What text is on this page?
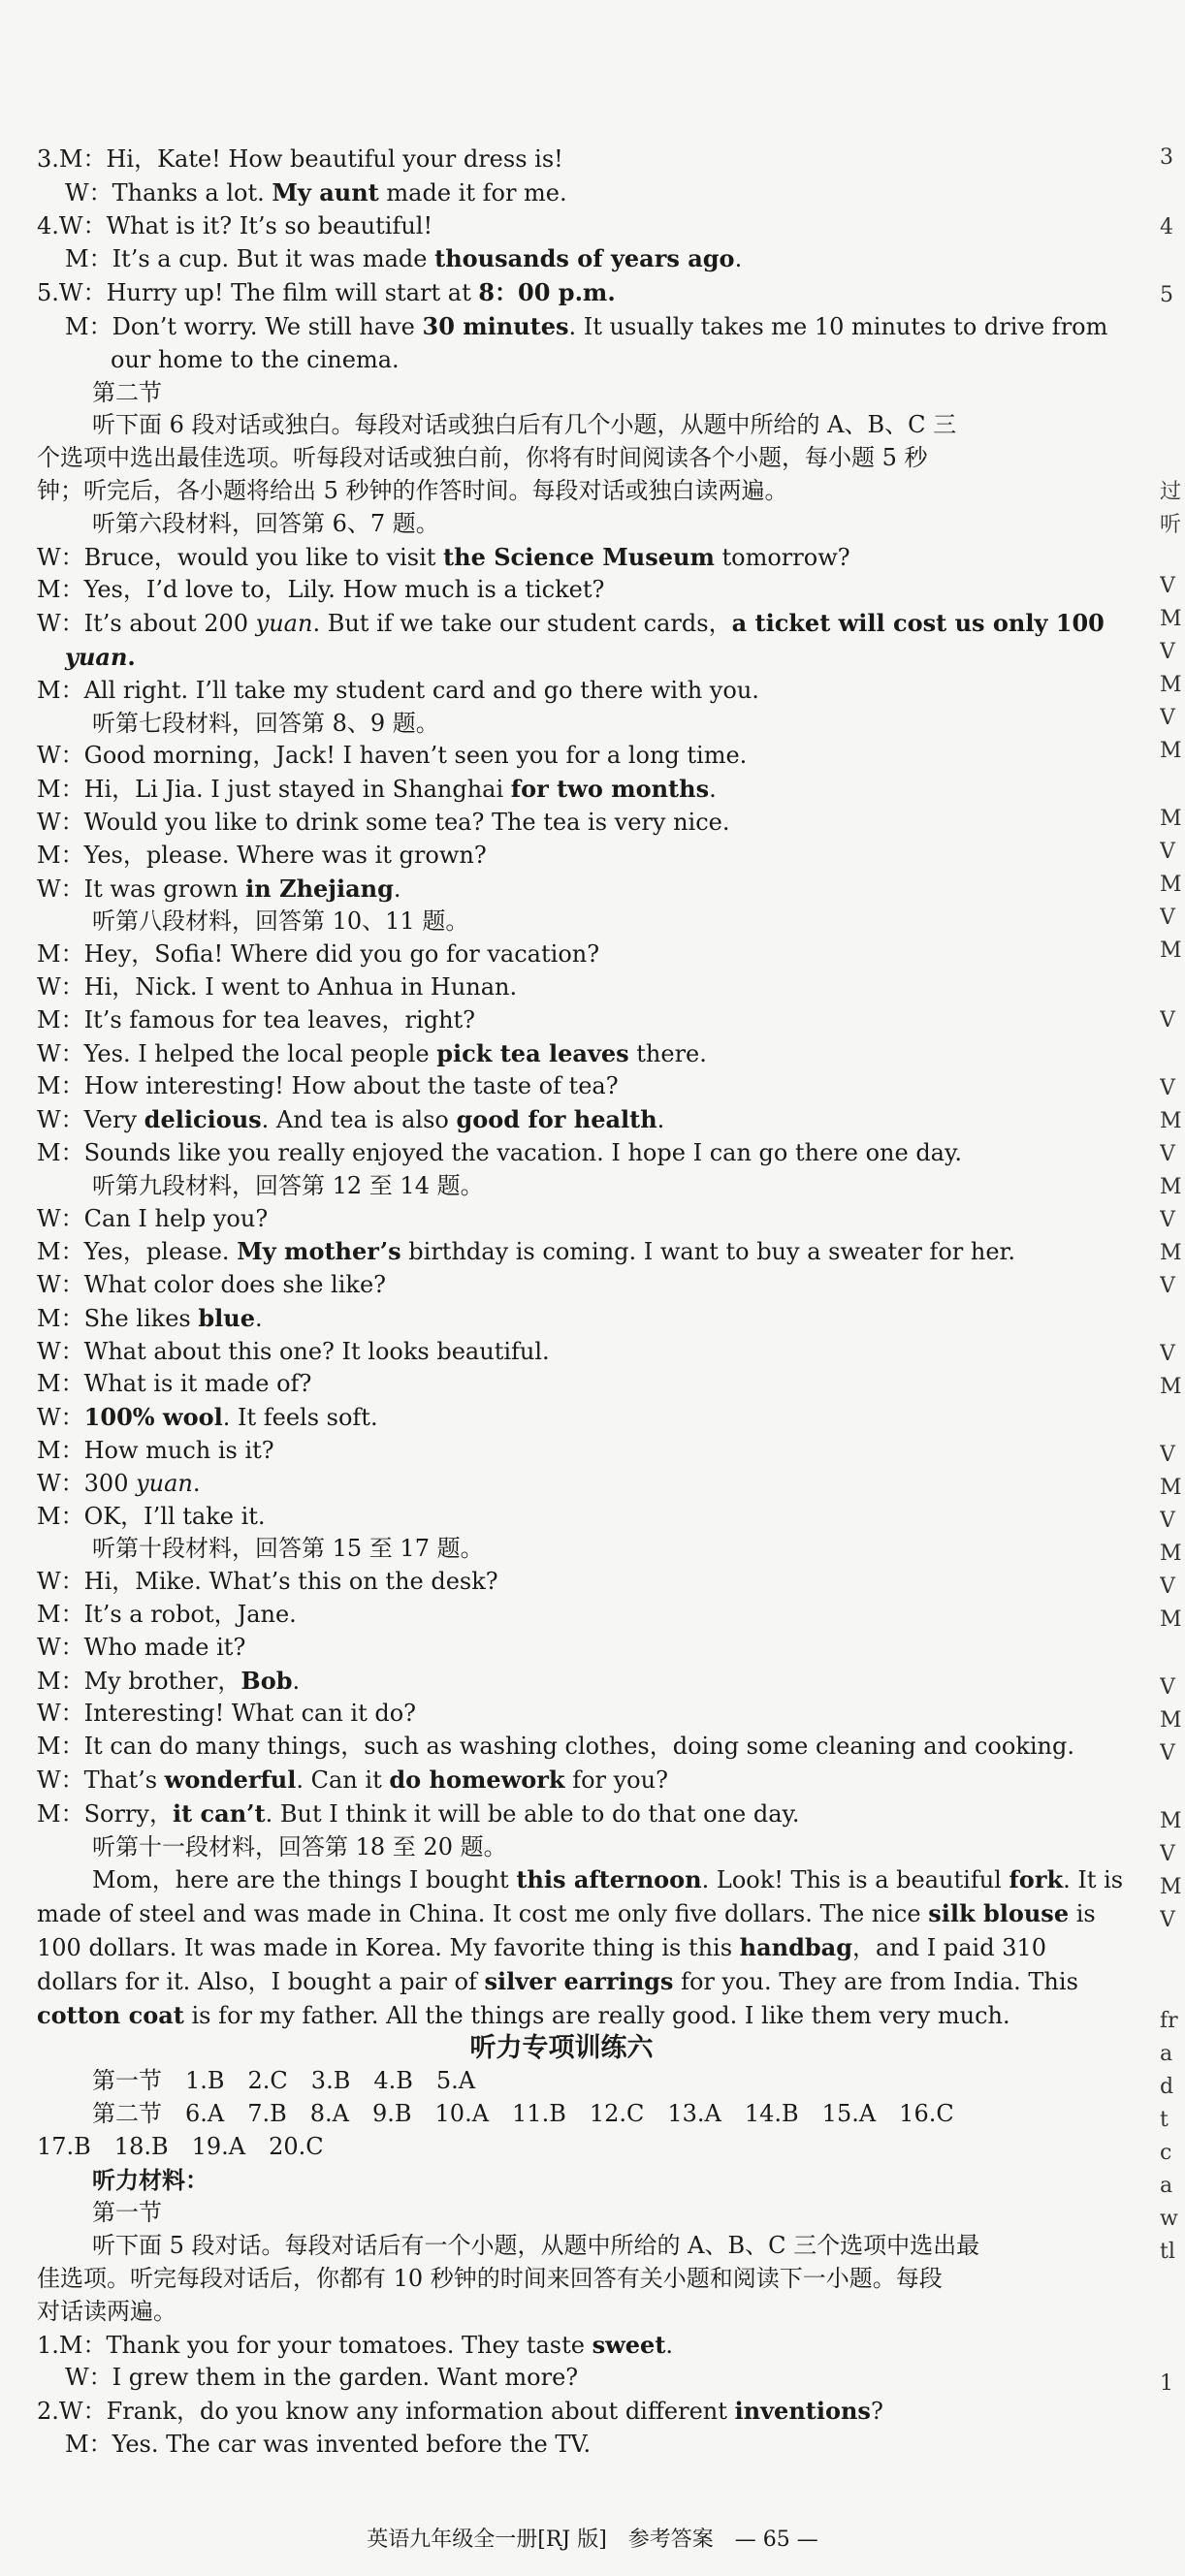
3.M：Hi，Kate! How beautiful your dress is!
W：Thanks a lot. My aunt made it for me.
4.W：What is it? It’s so beautiful!
M：It’s a cup. But it was made thousands of years ago.
5.W：Hurry up! The film will start at 8：00 p.m.
M：Don’t worry. We still have 30 minutes. It usually takes me 10 minutes to drive from
our home to the cinema.
第二节
听下面 6 段对话或独白。每段对话或独白后有几个小题，从题中所给的 A、B、C 三
个选项中选出最佳选项。听每段对话或独白前，你将有时间阅读各个小题，每小题 5 秒
钟；听完后，各小题将给出 5 秒钟的作答时间。每段对话或独白读两遍。
听第六段材料，回答第 6、7 题。
W：Bruce，would you like to visit the Science Museum tomorrow?
M：Yes，I’d love to，Lily. How much is a ticket?
W：It’s about 200 yuan. But if we take our student cards，a ticket will cost us only 100
yuan.
M：All right. I’ll take my student card and go there with you.
听第七段材料，回答第 8、9 题。
W：Good morning，Jack! I haven’t seen you for a long time.
M：Hi，Li Jia. I just stayed in Shanghai for two months.
W：Would you like to drink some tea? The tea is very nice.
M：Yes，please. Where was it grown?
W：It was grown in Zhejiang.
听第八段材料，回答第 10、11 题。
M：Hey，Sofia! Where did you go for vacation?
W：Hi，Nick. I went to Anhua in Hunan.
M：It’s famous for tea leaves，right?
W：Yes. I helped the local people pick tea leaves there.
M：How interesting! How about the taste of tea?
W：Very delicious. And tea is also good for health.
M：Sounds like you really enjoyed the vacation. I hope I can go there one day.
听第九段材料，回答第 12 至 14 题。
W：Can I help you?
M：Yes，please. My mother’s birthday is coming. I want to buy a sweater for her.
W：What color does she like?
M：She likes blue.
W：What about this one? It looks beautiful.
M：What is it made of?
W：100% wool. It feels soft.
M：How much is it?
W：300 yuan.
M：OK，I’ll take it.
听第十段材料，回答第 15 至 17 题。
W：Hi，Mike. What’s this on the desk?
M：It’s a robot，Jane.
W：Who made it?
M：My brother，Bob.
W：Interesting! What can it do?
M：It can do many things，such as washing clothes，doing some cleaning and cooking.
W：That’s wonderful. Can it do homework for you?
M：Sorry，it can’t. But I think it will be able to do that one day.
听第十一段材料，回答第 18 至 20 题。
Mom，here are the things I bought this afternoon. Look! This is a beautiful fork. It is
made of steel and was made in China. It cost me only five dollars. The nice silk blouse is
100 dollars. It was made in Korea. My favorite thing is this handbag，and I paid 310
dollars for it. Also，I bought a pair of silver earrings for you. They are from India. This
cotton coat is for my father. All the things are really good. I like them very much.
听力专项训练六
第一节　1.B　2.C　3.B　4.B　5.A
第二节　6.A　7.B　8.A　9.B　10.A　11.B　12.C　13.A　14.B　15.A　16.C
17.B　18.B　19.A　20.C
听力材料：
第一节
听下面 5 段对话。每段对话后有一个小题，从题中所给的 A、B、C 三个选项中选出最
佳选项。听完每段对话后，你都有 10 秒钟的时间来回答有关小题和阅读下一小题。每段
对话读两遍。
1.M：Thank you for your tomatoes. They taste sweet.
W：I grew them in the garden. Want more?
2.W：Frank，do you know any information about different inventions?
M：Yes. The car was invented before the TV.
3
4
5
过
听
V
M
V
M
V
M
M
V
M
V
M
V
V
M
V
M
V
M
V
V
M
V
M
V
M
V
M
V
M
V
M
V
M
V
fr
a
d
t
c
a
w
tl
1
英语九年级全一册[RJ 版]　参考答案　— 65 —
